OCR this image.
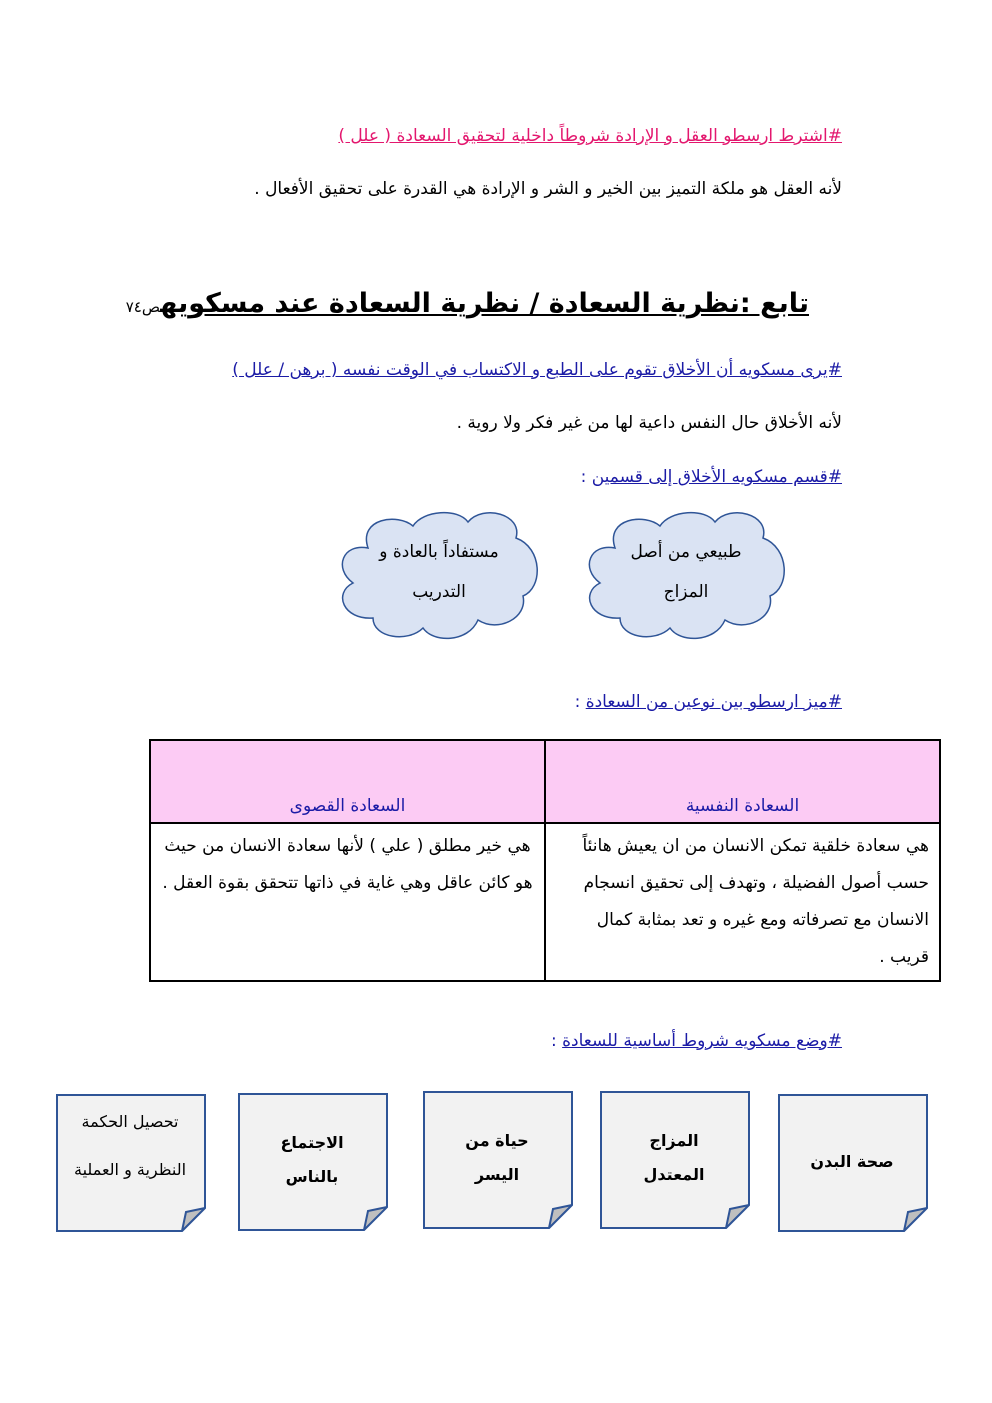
#اشترط ارسطو العقل و الإرادة شروطاً داخلية لتحقيق السعادة ( علل )
لأنه العقل هو ملكة التميز بين الخير و الشر و الإرادة هي القدرة على تحقيق الأفعال .
تابع :نظرية السعادة / نظرية السعادة عند مسكويهص٧٤
#يرى مسكويه أن الأخلاق تقوم على الطبع و الاكتساب في الوقت نفسه ( برهن / علل )
لأنه الأخلاق حال النفس داعية لها من غير فكر ولا روية .
#قسم مسكويه الأخلاق إلى قسمين :
طبيعي من أصل
المزاج
مستفاداً بالعادة و
التدريب
#ميز ارسطو بين نوعين من السعادة :
السعادة النفسية	السعادة القصوى
هي سعادة خلقية تمكن الانسان من ان يعيش هانئاً حسب أصول الفضيلة ، وتهدف إلى تحقيق انسجام الانسان مع تصرفاته ومع غيره و تعد بمثابة كمال قريب .	هي خير مطلق ( علي ) لأنها سعادة الانسان من حيث هو كائن عاقل وهي غاية في ذاتها تتحقق بقوة العقل .
#وضع مسكويه شروط أساسية للسعادة :
صحة البدن
المزاج
المعتدل
حياة من
اليسر
الاجتماع
بالناس
تحصيل الحكمة
النظرية و العملية
